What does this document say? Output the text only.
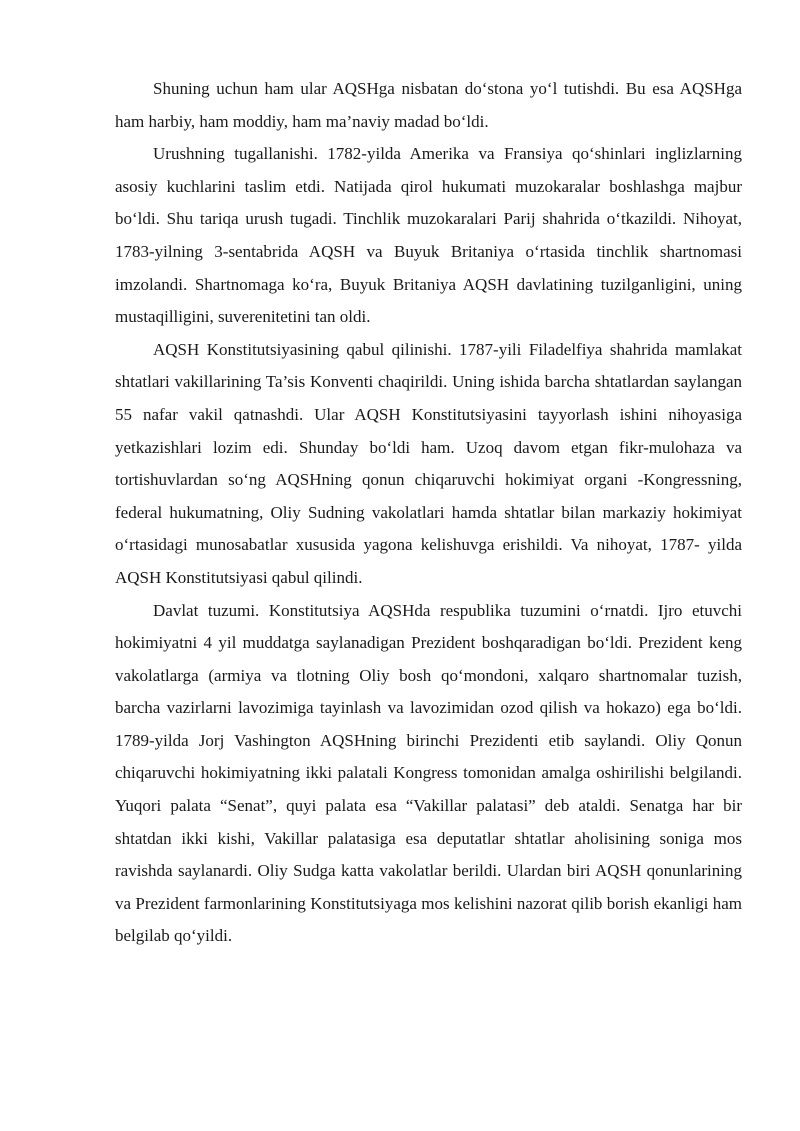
Shuning uchun ham ular AQSHga nisbatan do‘stona yo‘l tutishdi. Bu esa AQSHga ham harbiy, ham moddiy, ham ma’naviy madad bo‘ldi.

Urushning tugallanishi. 1782-yilda Amerika va Fransiya qo‘shinlari inglizlarning asosiy kuchlarini taslim etdi. Natijada qirol hukumati muzokaralar boshlashga majbur bo‘ldi. Shu tariqa urush tugadi. Tinchlik muzokaralari Parij shahrida o‘tkazildi. Nihoyat, 1783-yilning 3-sentabrida AQSH va Buyuk Britaniya o‘rtasida tinchlik shartnomasi imzolandi. Shartnomaga ko‘ra, Buyuk Britaniya AQSH davlatining tuzilganligini, uning mustaqilligini, suverenitetini tan oldi.

AQSH Konstitutsiyasining qabul qilinishi. 1787-yili Filadelfiya shahrida mamlakat shtatlari vakillarining Ta’sis Konventi chaqirildi. Uning ishida barcha shtatlardan saylangan 55 nafar vakil qatnashdi. Ular AQSH Konstitutsiyasini tayyorlash ishini nihoyasiga yetkazishlari lozim edi. Shunday bo‘ldi ham. Uzoq davom etgan fikr-mulohaza va tortishuvlardan so‘ng AQSHning qonun chiqaruvchi hokimiyat organi -Kongressning, federal hukumatning, Oliy Sudning vakolatlari hamda shtatlar bilan markaziy hokimiyat o‘rtasidagi munosabatlar xususida yagona kelishuvga erishildi. Va nihoyat, 1787- yilda AQSH Konstitutsiyasi qabul qilindi.

Davlat tuzumi. Konstitutsiya AQSHda respublika tuzumini o‘rnatdi. Ijro etuvchi hokimiyatni 4 yil muddatga saylanadigan Prezident boshqaradigan bo‘ldi. Prezident keng vakolatlarga (armiya va tlotning Oliy bosh qo‘mondoni, xalqaro shartnomalar tuzish, barcha vazirlarni lavozimiga tayinlash va lavozimidan ozod qilish va hokazo) ega bo‘ldi. 1789-yilda Jorj Vashington AQSHning birinchi Prezidenti etib saylandi. Oliy Qonun chiqaruvchi hokimiyatning ikki palatali Kongress tomonidan amalga oshirilishi belgilandi. Yuqori palata “Senat”, quyi palata esa “Vakillar palatasi” deb ataldi. Senatga har bir shtatdan ikki kishi, Vakillar palatasiga esa deputatlar shtatlar aholisining soniga mos ravishda saylanardi. Oliy Sudga katta vakolatlar berildi. Ulardan biri AQSH qonunlarining va Prezident farmonlarining Konstitutsiyaga mos kelishini nazorat qilib borish ekanligi ham belgilab qo‘yildi.
